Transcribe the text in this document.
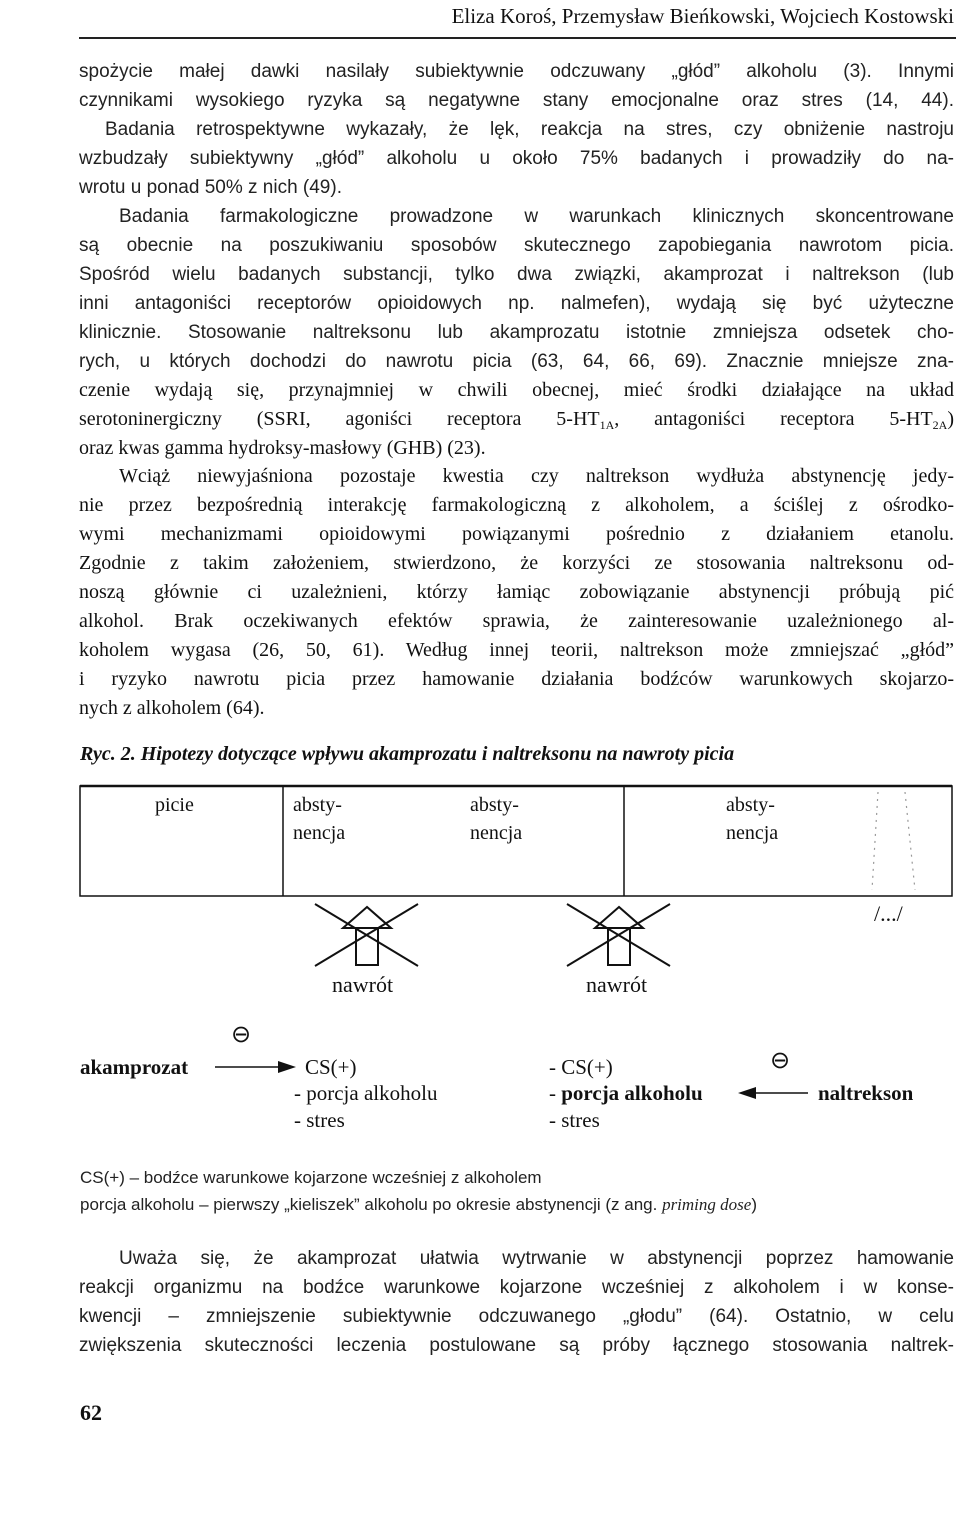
Eliza Koroś, Przemysław Bieńkowski, Wojciech Kostowski
spożycie małej dawki nasilały subiektywnie odczuwany „głód” alkoholu (3). Innymi
czynnikami wysokiego ryzyka są negatywne stany emocjonalne oraz stres (14, 44).
Badania retrospektywne wykazały, że lęk, reakcja na stres, czy obniżenie nastroju
wzbudzały subiektywny „głód” alkoholu u około 75% badanych i prowadziły do na-
wrotu u ponad 50% z nich (49).
Badania farmakologiczne prowadzone w warunkach klinicznych skoncentrowane
są obecnie na poszukiwaniu sposobów skutecznego zapobiegania nawrotom picia.
Spośród wielu badanych substancji, tylko dwa związki, akamprozat i naltrekson (lub
inni antagoniści receptorów opioidowych np. nalmefen), wydają się być użyteczne
klinicznie. Stosowanie naltreksonu lub akamprozatu istotnie zmniejsza odsetek cho-
rych, u których dochodzi do nawrotu picia (63, 64, 66, 69). Znacznie mniejsze zna-
czenie wydają się, przynajmniej w chwili obecnej, mieć środki działające na układ
serotoninergiczny (SSRI, agoniści receptora $5-HT_{1A}$, antagoniści receptora $5-HT_{2A}$)
oraz kwas gamma hydroksy-masłowy (GHB) (23).
Wciąż niewyjaśniona pozostaje kwestia czy naltrekson wydłuża abstynencję jedy-
nie przez bezpośrednią interakcję farmakologiczną z alkoholem, a ściślej z ośrodko-
wymi mechanizmami opioidowymi powiązanymi pośrednio z działaniem etanolu.
Zgodnie z takim założeniem, stwierdzono, że korzyści ze stosowania naltreksonu od-
noszą głównie ci uzależnieni, którzy łamiąc zobowiązanie abstynencji próbują pić
alkohol. Brak oczekiwanych efektów sprawia, że zainteresowanie uzależnionego al-
koholem wygasa (26, 50, 61). Według innej teorii, naltrekson może zmniejszać „głód”
i ryzyko nawrotu picia przez hamowanie działania bodźców warunkowych skojarzo-
nych z alkoholem (64).
Ryc. 2. Hipotezy dotyczące wpływu akamprozatu i naltreksonu na nawroty picia
picie	absty-
nencja
absty-
nencja
absty-
nencja
/.../
nawrót	nawrót
⊖
⊖
akamprozat
naltrekson
CS(+)
- porcja alkoholu
- stres
- CS(+)
- porcja alkoholu
- stres
CS(+) – bodźce warunkowe kojarzone wcześniej z alkoholem
porcja alkoholu – pierwszy „kieliszek” alkoholu po okresie abstynencji (z ang. priming dose)
Uważa się, że akamprozat ułatwia wytrwanie w abstynencji poprzez hamowanie
reakcji organizmu na bodźce warunkowe kojarzone wcześniej z alkoholem i w konse-
kwencji – zmniejszenie subiektywnie odczuwanego „głodu” (64). Ostatnio, w celu
zwiększenia skuteczności leczenia postulowane są próby łącznego stosowania naltrek-
62
